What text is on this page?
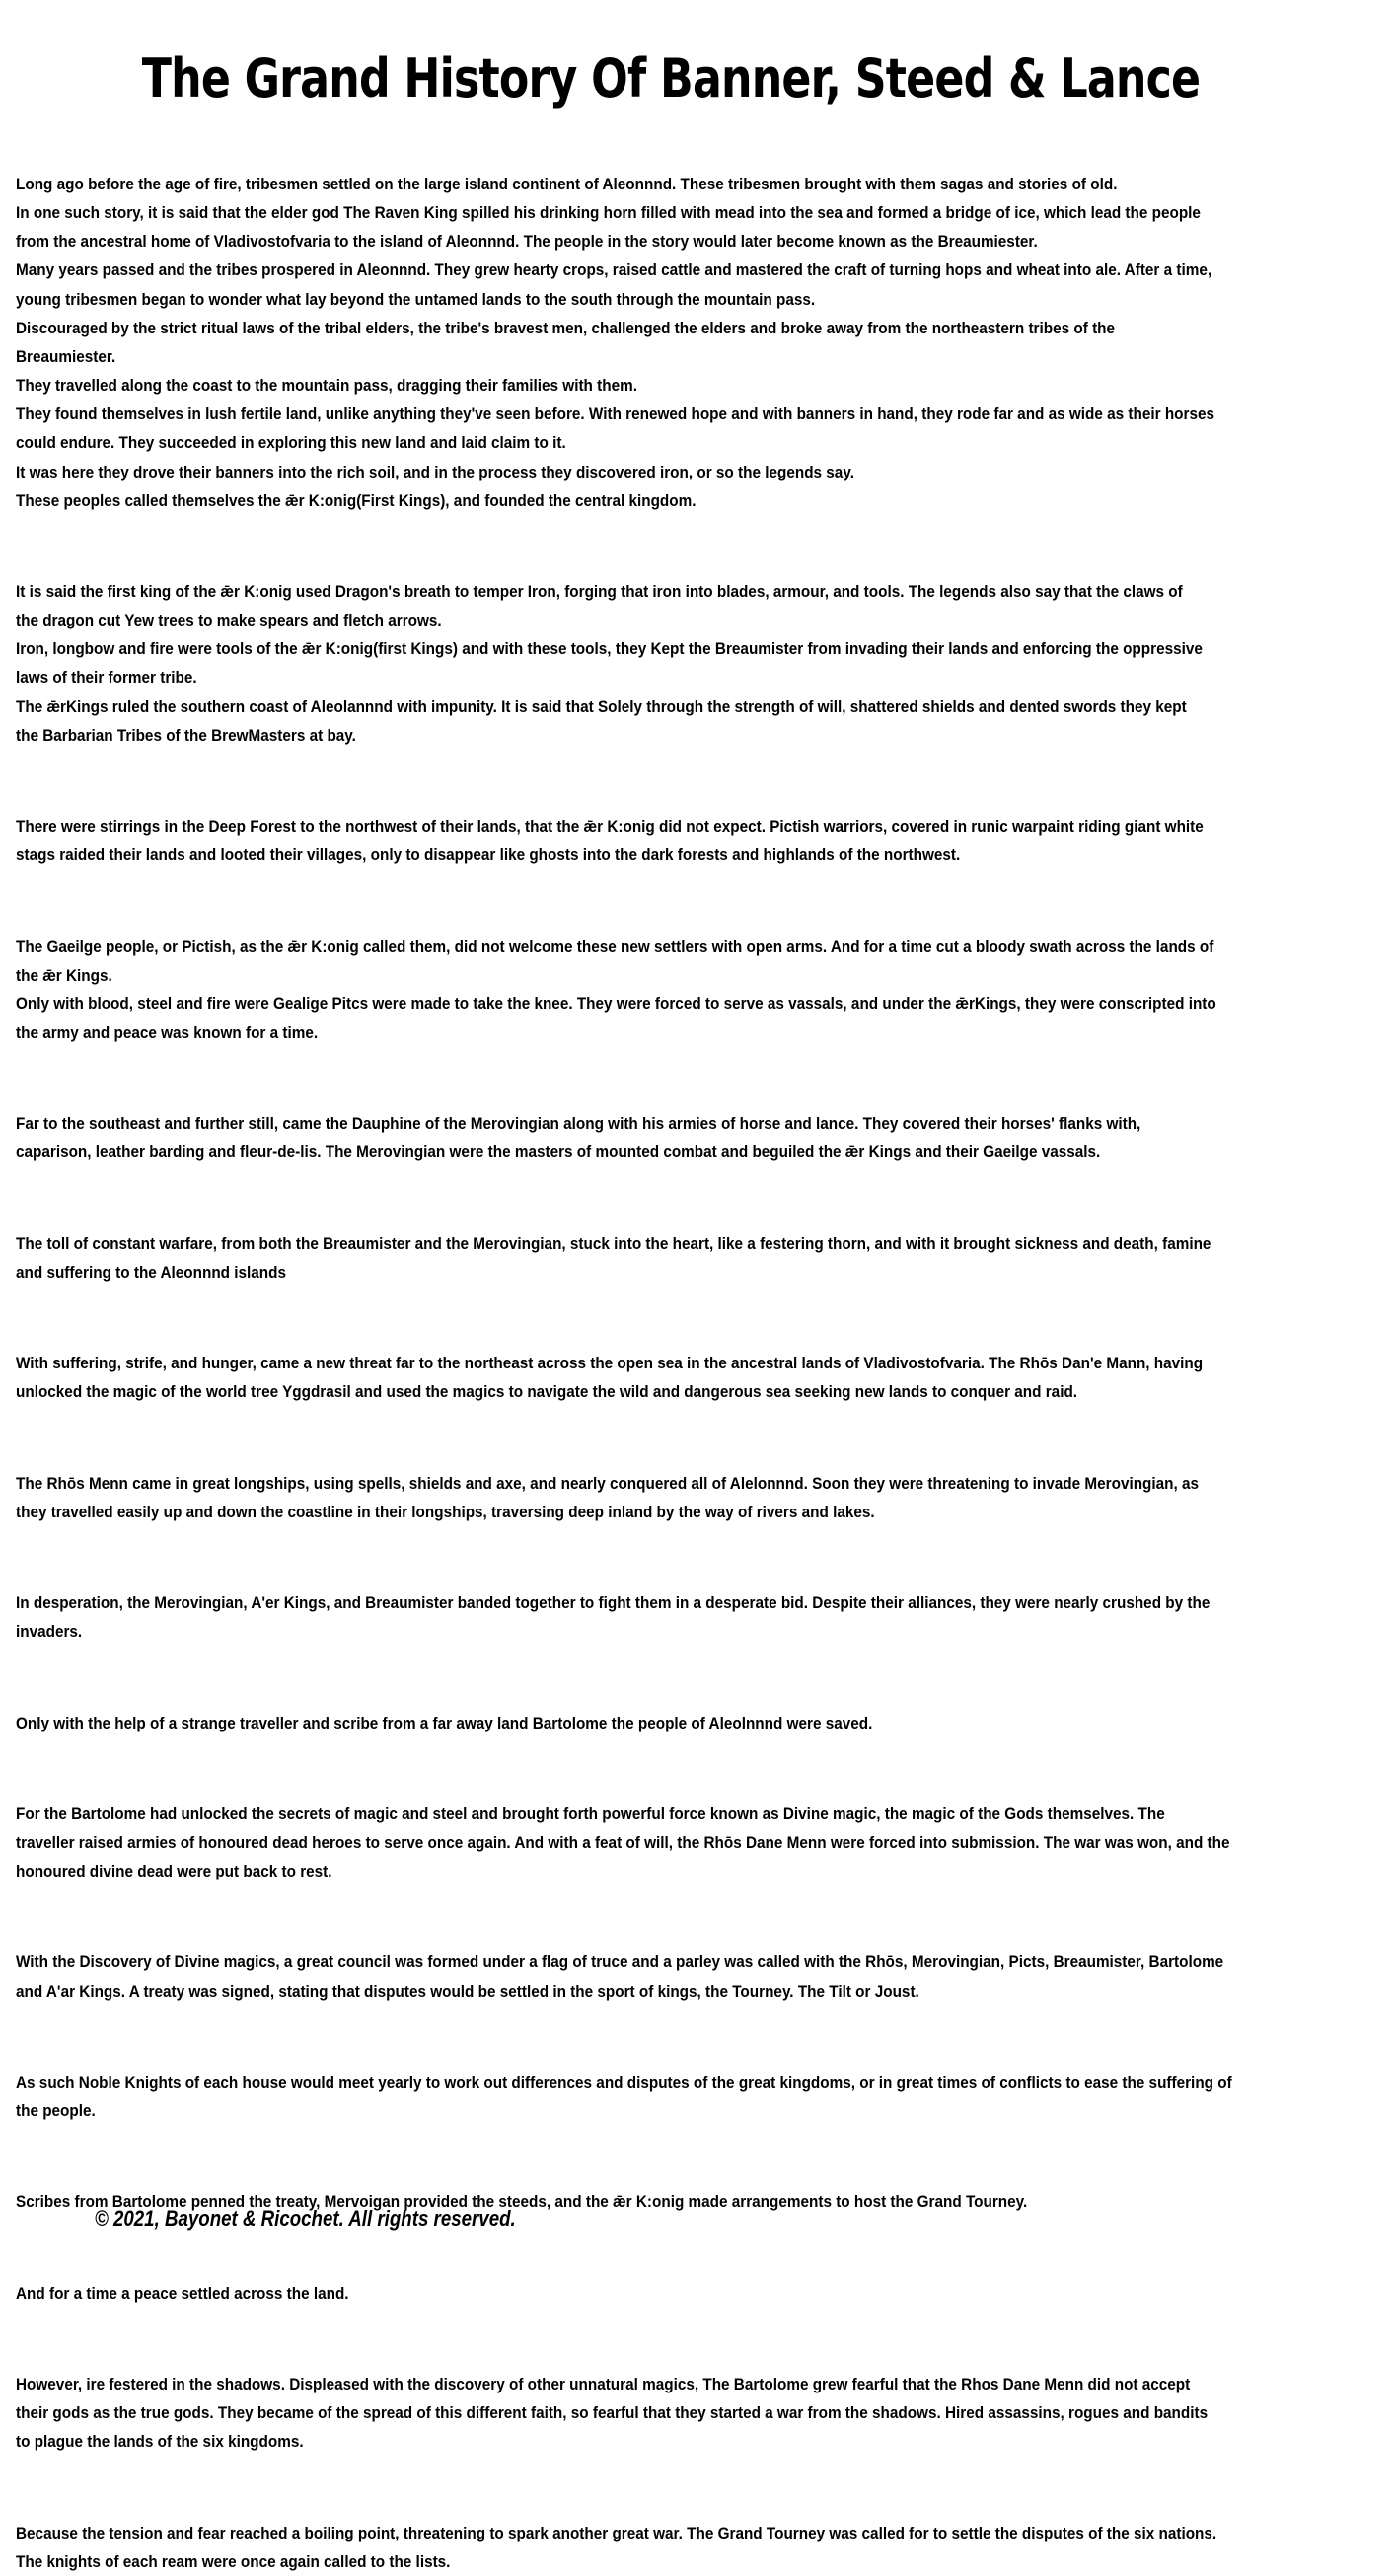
The Grand History Of Banner, Steed & Lance

Long ago before the age of fire, tribesmen settled on the large island continent of Aleonnnd. These tribesmen brought with them sagas and stories of old.

In one such story, it is said that the elder god The Raven King spilled his drinking horn filled with mead into the sea and formed a bridge of ice, which lead the people
from the ancestral home of Vladivostofvaria to the island of Aleonnnd. The people in the story would later become known as the Breaumiester.

Many years passed and the tribes prospered in Aleonnnd. They grew hearty crops, raised cattle and mastered the craft of turning hops and wheat into ale. After a time,
young tribesmen began to wonder what lay beyond the untamed lands to the south through the mountain pass.

Discouraged by the strict ritual laws of the tribal elders, the tribe's bravest men, challenged the elders and broke away from the northeastern tribes of the
Breaumiester.

They travelled along the coast to the mountain pass, dragging their families with them.

They found themselves in lush fertile land, unlike anything they've seen before. With renewed hope and with banners in hand, they rode far and as wide as their horses
could endure. They succeeded in exploring this new land and laid claim to it.

It was here they drove their banners into the rich soil, and in the process they discovered iron, or so the legends say.

These peoples called themselves the ǣr K:onig(First Kings), and founded the central kingdom.

It is said the first king of the ǣr K:onig used Dragon's breath to temper Iron, forging that iron into blades, armour, and tools. The legends also say that the claws of
the dragon cut Yew trees to make spears and fletch arrows.

Iron, longbow and fire were tools of the ǣr K:onig(first Kings) and with these tools, they Kept the Breaumister from invading their lands and enforcing the oppressive
laws of their former tribe.

The ǣrKings ruled the southern coast of Aleolannnd with impunity. It is said that Solely through the strength of will, shattered shields and dented swords they kept
the Barbarian Tribes of the BrewMasters at bay.

There were stirrings in the Deep Forest to the northwest of their lands, that the ǣr K:onig did not expect. Pictish warriors, covered in runic warpaint riding giant white
stags raided their lands and looted their villages, only to disappear like ghosts into the dark forests and highlands of the northwest.

The Gaeilge people, or Pictish, as the ǣr K:onig called them, did not welcome these new settlers with open arms. And for a time cut a bloody swath across the lands of
the ǣr Kings.

Only with blood, steel and fire were Gealige Pitcs were made to take the knee. They were forced to serve as vassals, and under the ǣrKings, they were conscripted into
the army and peace was known for a time.

Far to the southeast and further still, came the Dauphine of the Merovingian along with his armies of horse and lance. They covered their horses' flanks with,
caparison, leather barding and fleur-de-lis. The Merovingian were the masters of mounted combat and beguiled the ǣr Kings and their Gaeilge vassals.

The toll of constant warfare, from both the Breaumister and the Merovingian, stuck into the heart, like a festering thorn, and with it brought sickness and death, famine
and suffering to the Aleonnnd islands

With suffering, strife, and hunger, came a new threat far to the northeast across the open sea in the ancestral lands of Vladivostofvaria. The Rhōs Dan'e Mann, having
unlocked the magic of the world tree Yggdrasil and used the magics to navigate the wild and dangerous sea seeking new lands to conquer and raid.

The Rhōs Menn came in great longships, using spells, shields and axe, and nearly conquered all of Alelonnnd. Soon they were threatening to invade Merovingian, as
they travelled easily up and down the coastline in their longships, traversing deep inland by the way of rivers and lakes.

In desperation, the Merovingian, A'er Kings, and Breaumister banded together to fight them in a desperate bid. Despite their alliances, they were nearly crushed by the
invaders.

Only with the help of a strange traveller and scribe from a far away land Bartolome the people of Aleolnnnd were saved.

For the Bartolome had unlocked the secrets of magic and steel and brought forth powerful force known as Divine magic, the magic of the Gods themselves. The
traveller raised armies of honoured dead heroes to serve once again. And with a feat of will, the Rhōs Dane Menn were forced into submission. The war was won, and the
honoured divine dead were put back to rest.

With the Discovery of Divine magics, a great council was formed under a flag of truce and a parley was called with the Rhōs, Merovingian, Picts, Breaumister, Bartolome
and A'ar Kings. A treaty was signed, stating that disputes would be settled in the sport of kings, the Tourney. The Tilt or Joust.

As such Noble Knights of each house would meet yearly to work out differences and disputes of the great kingdoms, or in great times of conflicts to ease the suffering of
the people.

Scribes from Bartolome penned the treaty, Mervoigan provided the steeds, and the ǣr K:onig made arrangements to host the Grand Tourney.

And for a time a peace settled across the land.

However, ire festered in the shadows. Displeased with the discovery of other unnatural magics, The Bartolome grew fearful that the Rhos Dane Menn did not accept
their gods as the true gods. They became of the spread of this different faith, so fearful that they started a war from the shadows. Hired assassins, rogues and bandits
to plague the lands of the six kingdoms.

Because the tension and fear reached a boiling point, threatening to spark another great war. The Grand Tourney was called for to settle the disputes of the six nations.
The knights of each ream were once again called to the lists.

© 2021, Bayonet & Ricochet. All rights reserved.
